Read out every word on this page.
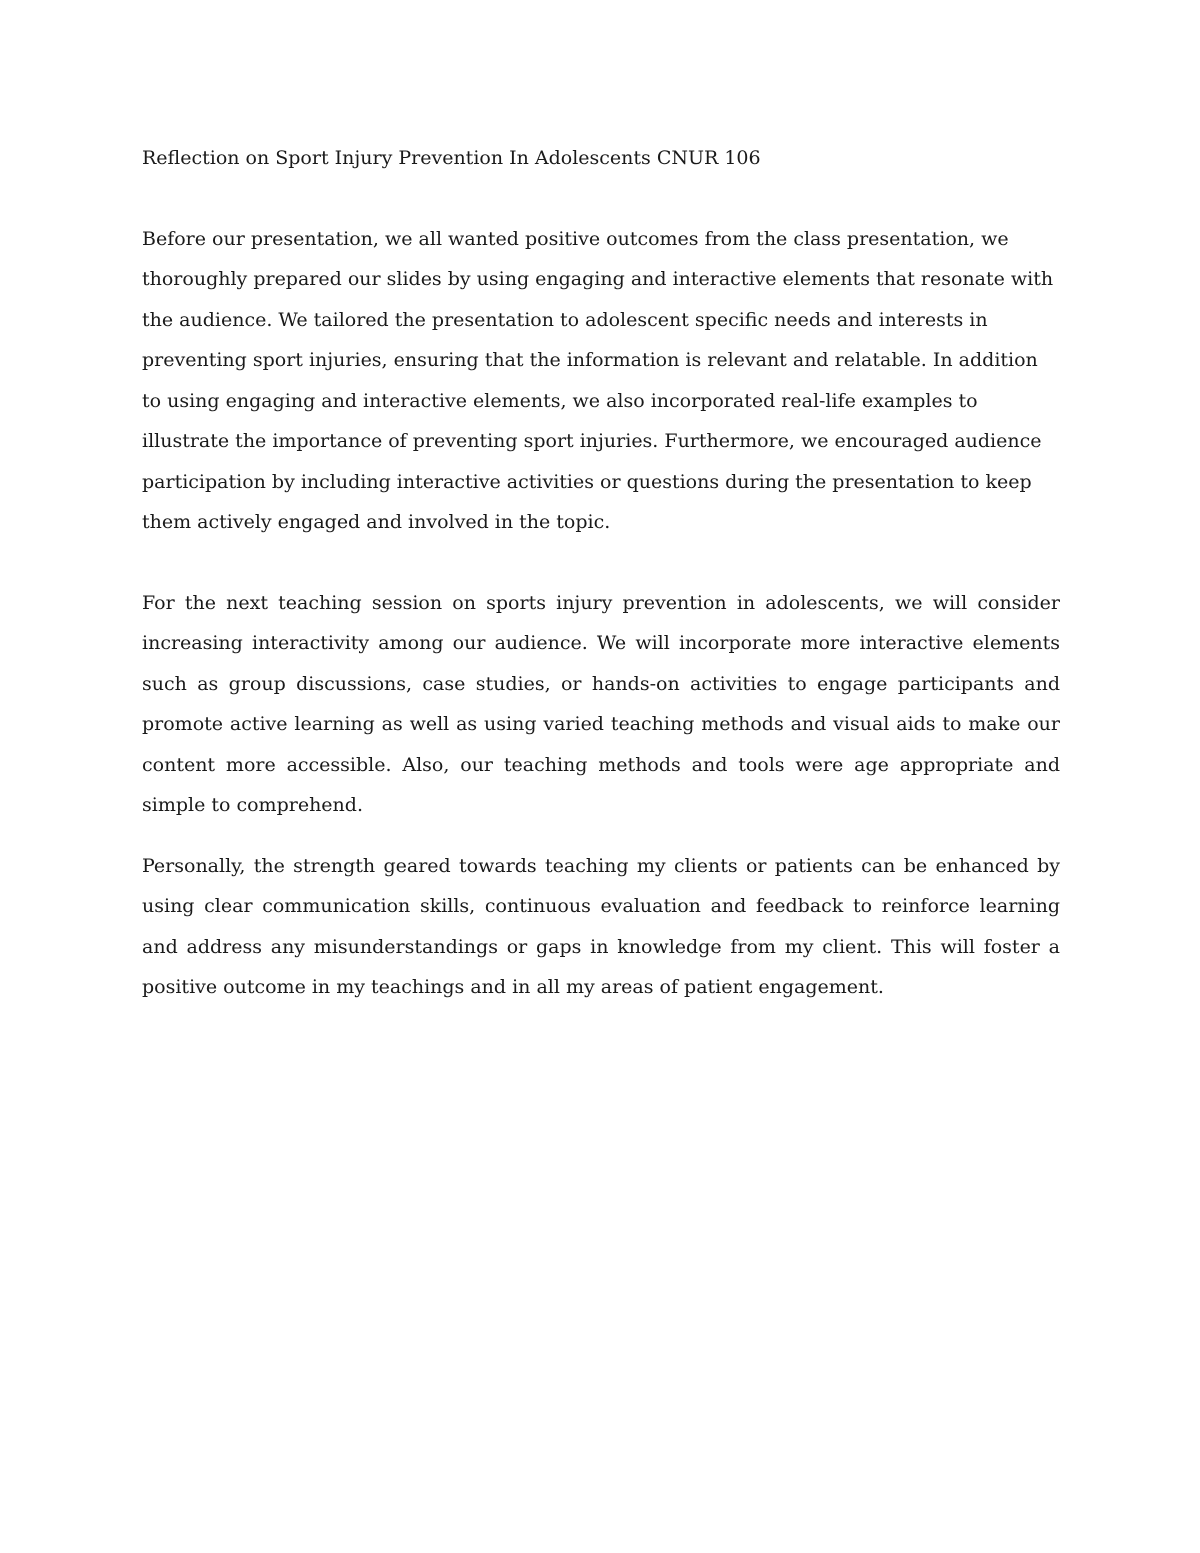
Reflection on Sport Injury Prevention In Adolescents CNUR 106

Before our presentation, we all wanted positive outcomes from the class presentation, we thoroughly prepared our slides by using engaging and interactive elements that resonate with the audience. We tailored the presentation to adolescent specific needs and interests in preventing sport injuries, ensuring that the information is relevant and relatable. In addition to using engaging and interactive elements, we also incorporated real-life examples to illustrate the importance of preventing sport injuries. Furthermore, we encouraged audience participation by including interactive activities or questions during the presentation to keep them actively engaged and involved in the topic.

For the next teaching session on sports injury prevention in adolescents, we will consider increasing interactivity among our audience. We will incorporate more interactive elements such as group discussions, case studies, or hands-on activities to engage participants and promote active learning as well as using varied teaching methods and visual aids to make our content more accessible. Also, our teaching methods and tools were age appropriate and simple to comprehend.

Personally, the strength geared towards teaching my clients or patients can be enhanced by using clear communication skills, continuous evaluation and feedback to reinforce learning and address any misunderstandings or gaps in knowledge from my client. This will foster a positive outcome in my teachings and in all my areas of patient engagement.
